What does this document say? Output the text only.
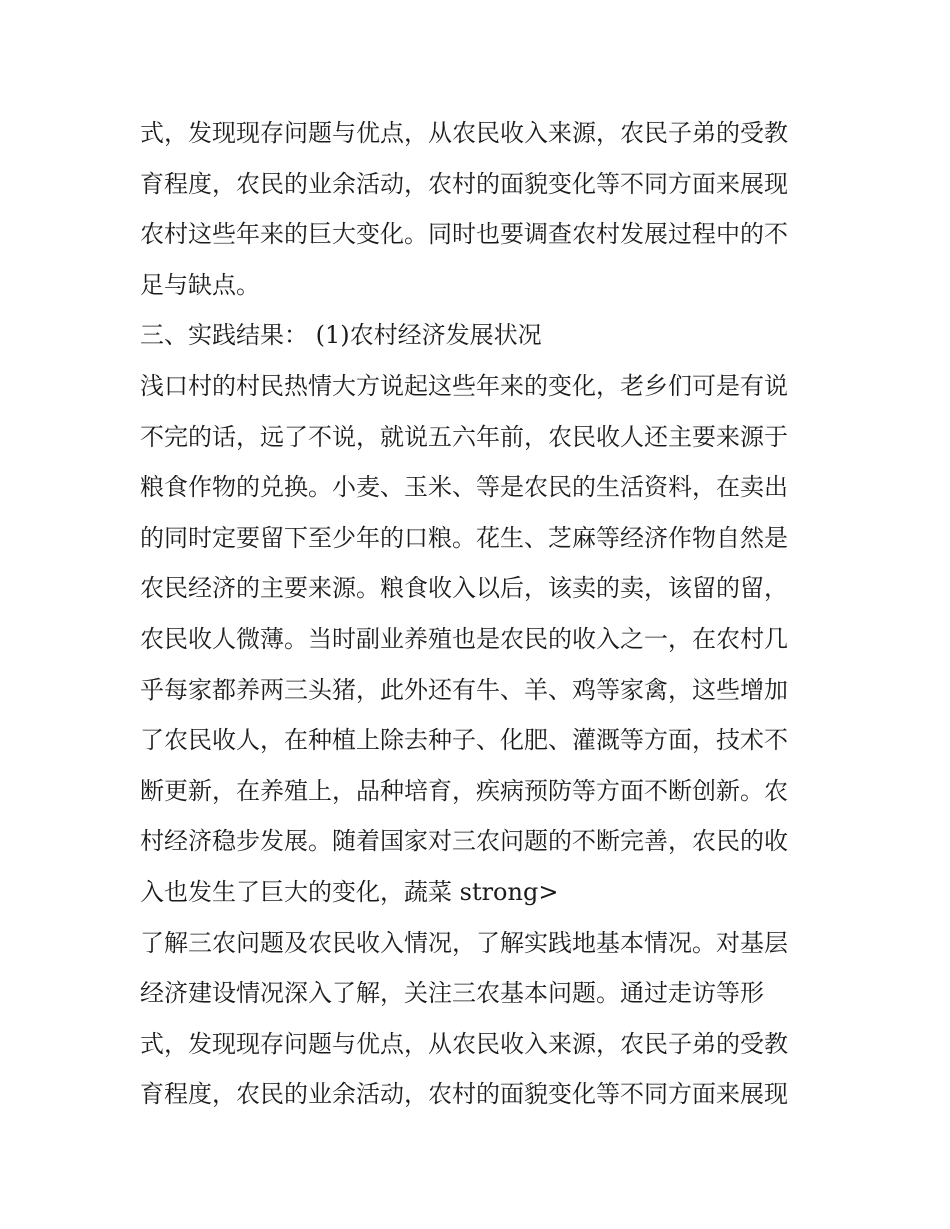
式，发现现存问题与优点，从农民收入来源，农民子弟的受教
育程度，农民的业余活动，农村的面貌变化等不同方面来展现
农村这些年来的巨大变化。同时也要调查农村发展过程中的不
足与缺点。
三、实践结果： (1)农村经济发展状况
浅口村的村民热情大方说起这些年来的变化，老乡们可是有说
不完的话，远了不说，就说五六年前，农民收人还主要来源于
粮食作物的兑换。小麦、玉米、等是农民的生活资料，在卖出
的同时定要留下至少年的口粮。花生、芝麻等经济作物自然是
农民经济的主要来源。粮食收入以后，该卖的卖，该留的留，
农民收人微薄。当时副业养殖也是农民的收入之一，在农村几
乎每家都养两三头猪，此外还有牛、羊、鸡等家禽，这些增加
了农民收人，在种植上除去种子、化肥、灌溉等方面，技术不
断更新，在养殖上，品种培育，疾病预防等方面不断创新。农
村经济稳步发展。随着国家对三农问题的不断完善，农民的收
入也发生了巨大的变化，蔬菜 strong>
了解三农问题及农民收入情况，了解实践地基本情况。对基层
经济建设情况深入了解，关注三农基本问题。通过走访等形
式，发现现存问题与优点，从农民收入来源，农民子弟的受教
育程度，农民的业余活动，农村的面貌变化等不同方面来展现
